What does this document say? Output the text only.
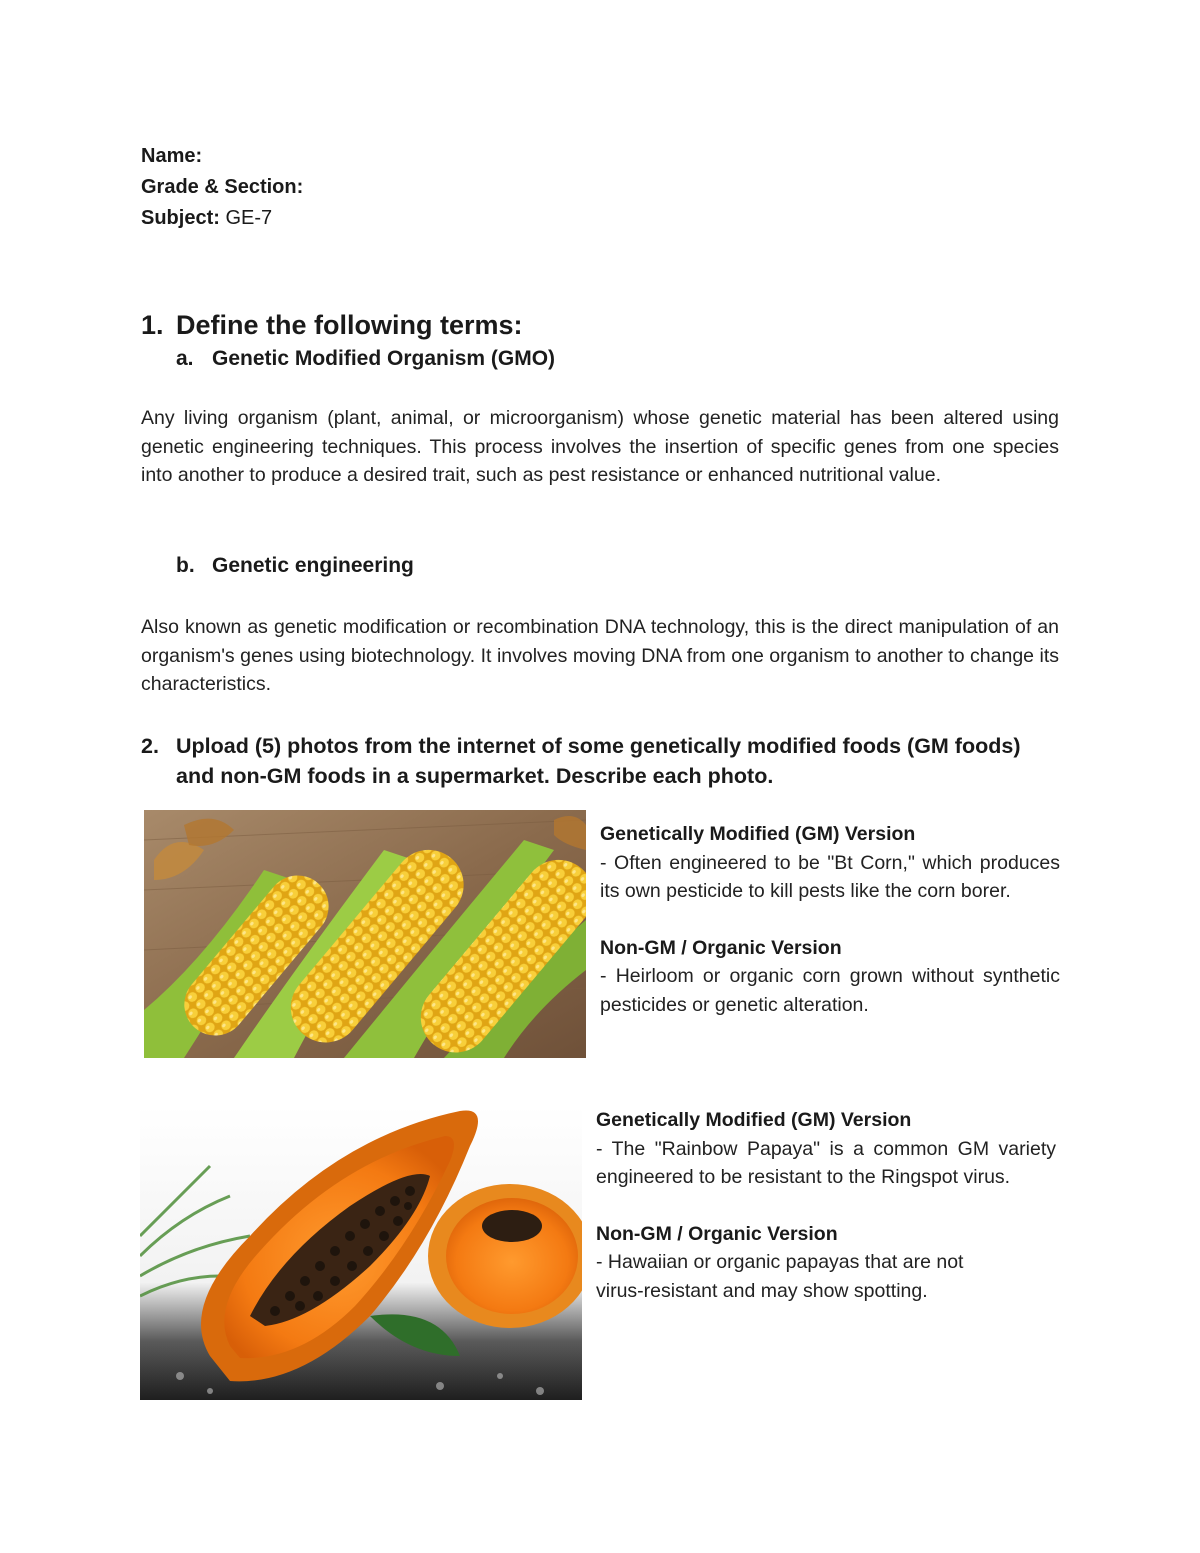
Name:
Grade & Section:
Subject: GE-7
1. Define the following terms:
a. Genetic Modified Organism (GMO)
Any living organism (plant, animal, or microorganism) whose genetic material has been altered using genetic engineering techniques. This process involves the insertion of specific genes from one species into another to produce a desired trait, such as pest resistance or enhanced nutritional value.
b. Genetic engineering
Also known as genetic modification or recombination DNA technology, this is the direct manipulation of an organism's genes using biotechnology. It involves moving DNA from one organism to another to change its characteristics.
2. Upload (5) photos from the internet of some genetically modified foods (GM foods) and non-GM foods in a supermarket. Describe each photo.
Genetically Modified (GM) Version
- Often engineered to be "Bt Corn," which produces its own pesticide to kill pests like the corn borer.
Non-GM / Organic Version
- Heirloom or organic corn grown without synthetic pesticides or genetic alteration.
Genetically Modified (GM) Version
- The "Rainbow Papaya" is a common GM variety engineered to be resistant to the Ringspot virus.
Non-GM / Organic Version
- Hawaiian or organic papayas that are not virus-resistant and may show spotting.
